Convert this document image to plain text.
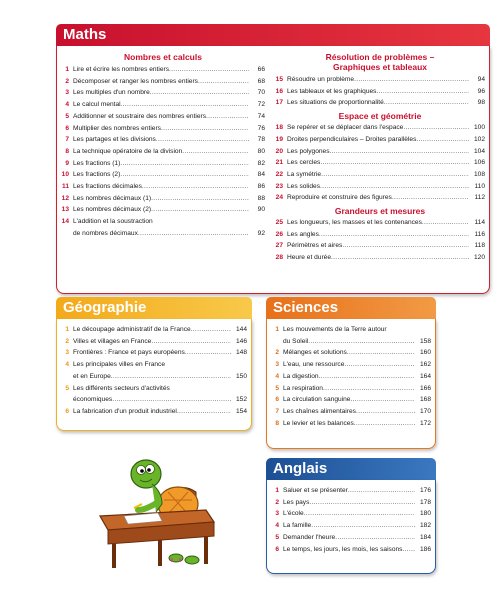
Maths
Nombres et calculs
1 Lire et écrire les nombres entiers .....	66
2 Décomposer et ranger les nombres entiers .....	68
3 Les multiples d'un nombre .....	70
4 Le calcul mental .....	72
5 Additionner et soustraire des nombres entiers .....	74
6 Multiplier des nombres entiers .....	76
7 Les partages et les divisions .....	78
8 La technique opératoire de la division .....	80
9 Les fractions (1) .....	82
10 Les fractions (2) .....	84
11 Les fractions décimales .....	86
12 Les nombres décimaux (1) .....	88
13 Les nombres décimaux (2) .....	90
14 L'addition et la soustraction
de nombres décimaux .....	92
Résolution de problèmes –
Graphiques et tableaux
15 Résoudre un problème .....	94
16 Les tableaux et les graphiques .....	96
17 Les situations de proportionnalité .....	98
Espace et géométrie
18 Se repérer et se déplacer dans l'espace .....	100
19 Droites perpendiculaires – Droites parallèles .....	102
20 Les polygones .....	104
21 Les cercles .....	106
22 La symétrie .....	108
23 Les solides .....	110
24 Reproduire et construire des figures .....	112
Grandeurs et mesures
25 Les longueurs, les masses et les contenances .....	114
26 Les angles .....	116
27 Périmètres et aires .....	118
28 Heure et durée .....	120
Géographie
1 Le découpage administratif de la France .....	144
2 Villes et villages en France .....	146
3 Frontières : France et pays européens .....	148
4 Les principales villes en France
et en Europe .....	150
5 Les différents secteurs d'activités
économiques .....	152
6 La fabrication d'un produit industriel .....	154
Sciences
1 Les mouvements de la Terre autour
du Soleil .....	158
2 Mélanges et solutions .....	160
3 L'eau, une ressource .....	162
4 La digestion .....	164
5 La respiration .....	166
6 La circulation sanguine .....	168
7 Les chaînes alimentaires .....	170
8 Le levier et les balances .....	172
Anglais
1 Saluer et se présenter .....	176
2 Les pays .....	178
3 L'école .....	180
4 La famille .....	182
5 Demander l'heure .....	184
6 Le temps, les jours, les mois, les saisons .....	186
